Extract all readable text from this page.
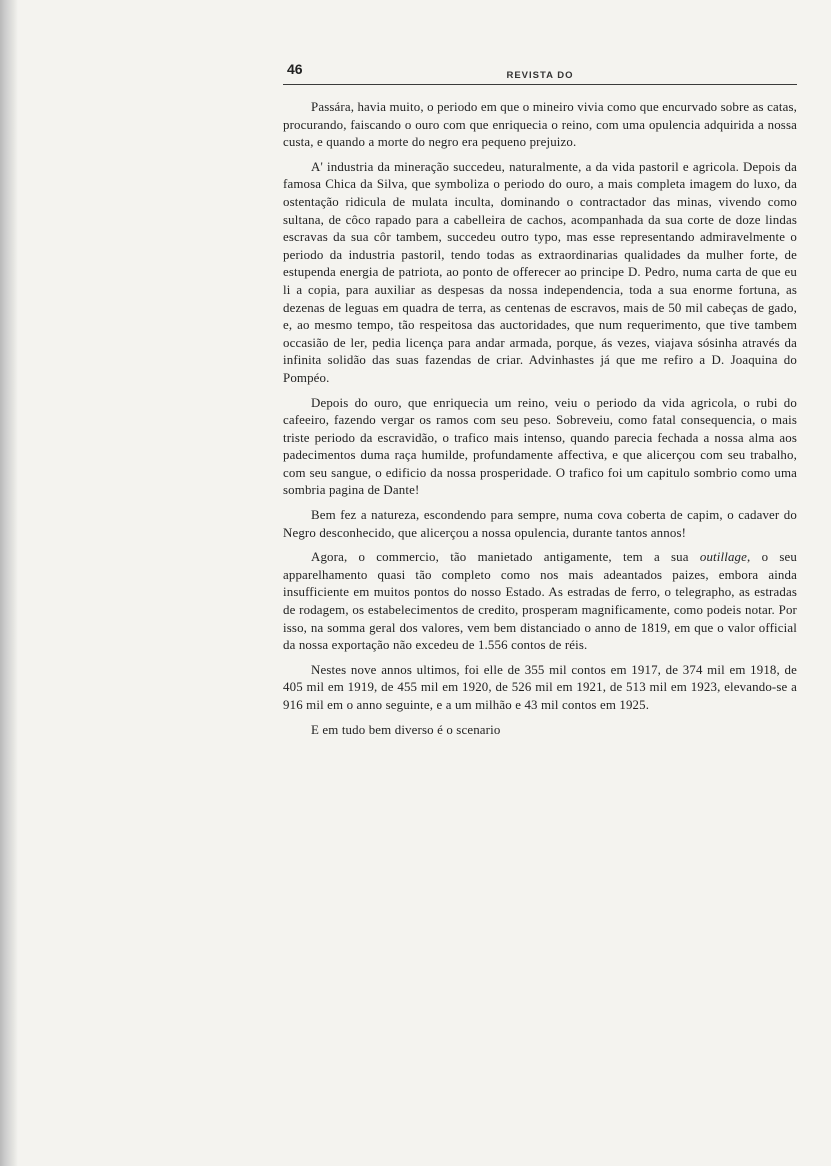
46	REVISTA DO

Passára, havia muito, o periodo em que o mineiro vivia como que encurvado sobre as catas, procurando, faiscando o ouro com que enriquecia o reino, com uma opulencia adquirida a nossa custa, e quando a morte do negro era pequeno prejuizo.

A' industria da mineração succedeu, naturalmente, a da vida pastoril e agricola. Depois da famosa Chica da Silva, que symboliza o periodo do ouro, a mais completa imagem do luxo, da ostentação ridicula de mulata inculta, dominando o contractador das minas, vivendo como sultana, de côco rapado para a cabelleira de cachos, acompanhada da sua corte de doze lindas escravas da sua côr tambem, succedeu outro typo, mas esse representando admiravelmente o periodo da industria pastoril, tendo todas as extraordinarias qualidades da mulher forte, de estupenda energia de patriota, ao ponto de offerecer ao principe D. Pedro, numa carta de que eu li a copia, para auxiliar as despesas da nossa independencia, toda a sua enorme fortuna, as dezenas de leguas em quadra de terra, as centenas de escravos, mais de 50 mil cabeças de gado, e, ao mesmo tempo, tão respeitosa das auctoridades, que num requerimento, que tive tambem occasião de ler, pedia licença para andar armada, porque, ás vezes, viajava sósinha através da infinita solidão das suas fazendas de criar. Advinhastes já que me refiro a D. Joaquina do Pompéo.

Depois do ouro, que enriquecia um reino, veiu o periodo da vida agricola, o rubi do cafeeiro, fazendo vergar os ramos com seu peso. Sobreveiu, como fatal consequencia, o mais triste periodo da escravidão, o trafico mais intenso, quando parecia fechada a nossa alma aos padecimentos duma raça humilde, profundamente affectiva, e que alicerçou com seu trabalho, com seu sangue, o edificio da nossa prosperidade. O trafico foi um capitulo sombrio como uma sombria pagina de Dante!

Bem fez a natureza, escondendo para sempre, numa cova coberta de capim, o cadaver do Negro desconhecido, que alicerçou a nossa opulencia, durante tantos annos!

Agora, o commercio, tão manietado antigamente, tem a sua outillage, o seu apparelhamento quasi tão completo como nos mais adeantados paizes, embora ainda insufficiente em muitos pontos do nosso Estado. As estradas de ferro, o telegrapho, as estradas de rodagem, os estabelecimentos de credito, prosperam magnificamente, como podeis notar. Por isso, na somma geral dos valores, vem bem distanciado o anno de 1819, em que o valor official da nossa exportação não excedeu de 1.556 contos de réis.

Nestes nove annos ultimos, foi elle de 355 mil contos em 1917, de 374 mil em 1918, de 405 mil em 1919, de 455 mil em 1920, de 526 mil em 1921, de 513 mil em 1923, elevando-se a 916 mil em o anno seguinte, e a um milhão e 43 mil contos em 1925.

E em tudo bem diverso é o scenario
